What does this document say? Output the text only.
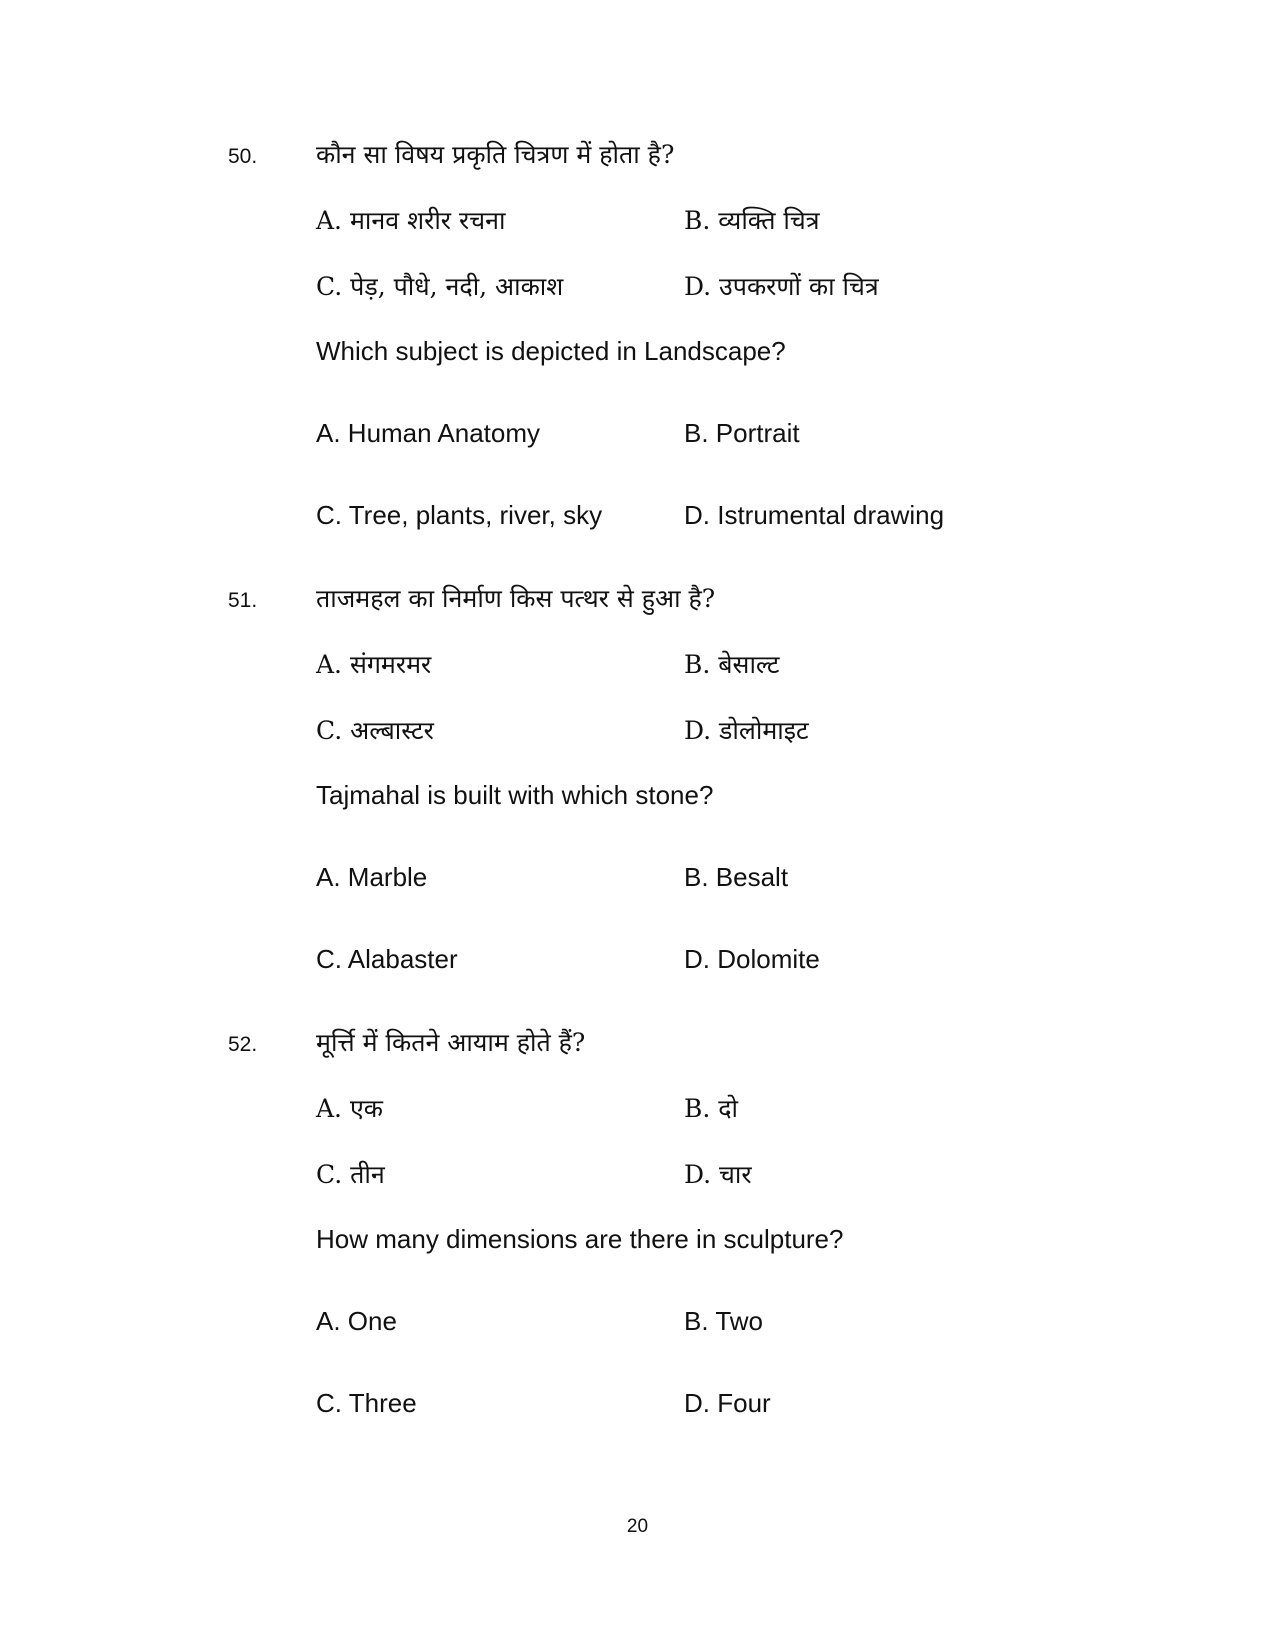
50. कौन सा विषय प्रकृति चित्रण में होता है?
A. मानव शरीर रचना	B. व्यक्ति चित्र
C. पेड़, पौधे, नदी, आकाश	D. उपकरणों का चित्र
Which subject is depicted in Landscape?
A. Human Anatomy	B. Portrait
C. Tree, plants, river, sky	D. Istrumental drawing
51. ताजमहल का निर्माण किस पत्थर से हुआ है?
A. संगमरमर	B. बेसाल्ट
C. अल्बास्टर	D. डोलोमाइट
Tajmahal is built with which stone?
A. Marble	B. Besalt
C. Alabaster	D. Dolomite
52. मूर्त्ति में कितने आयाम होते हैं?
A. एक	B. दो
C. तीन	D. चार
How many dimensions are there in sculpture?
A. One	B. Two
C. Three	D. Four
20
